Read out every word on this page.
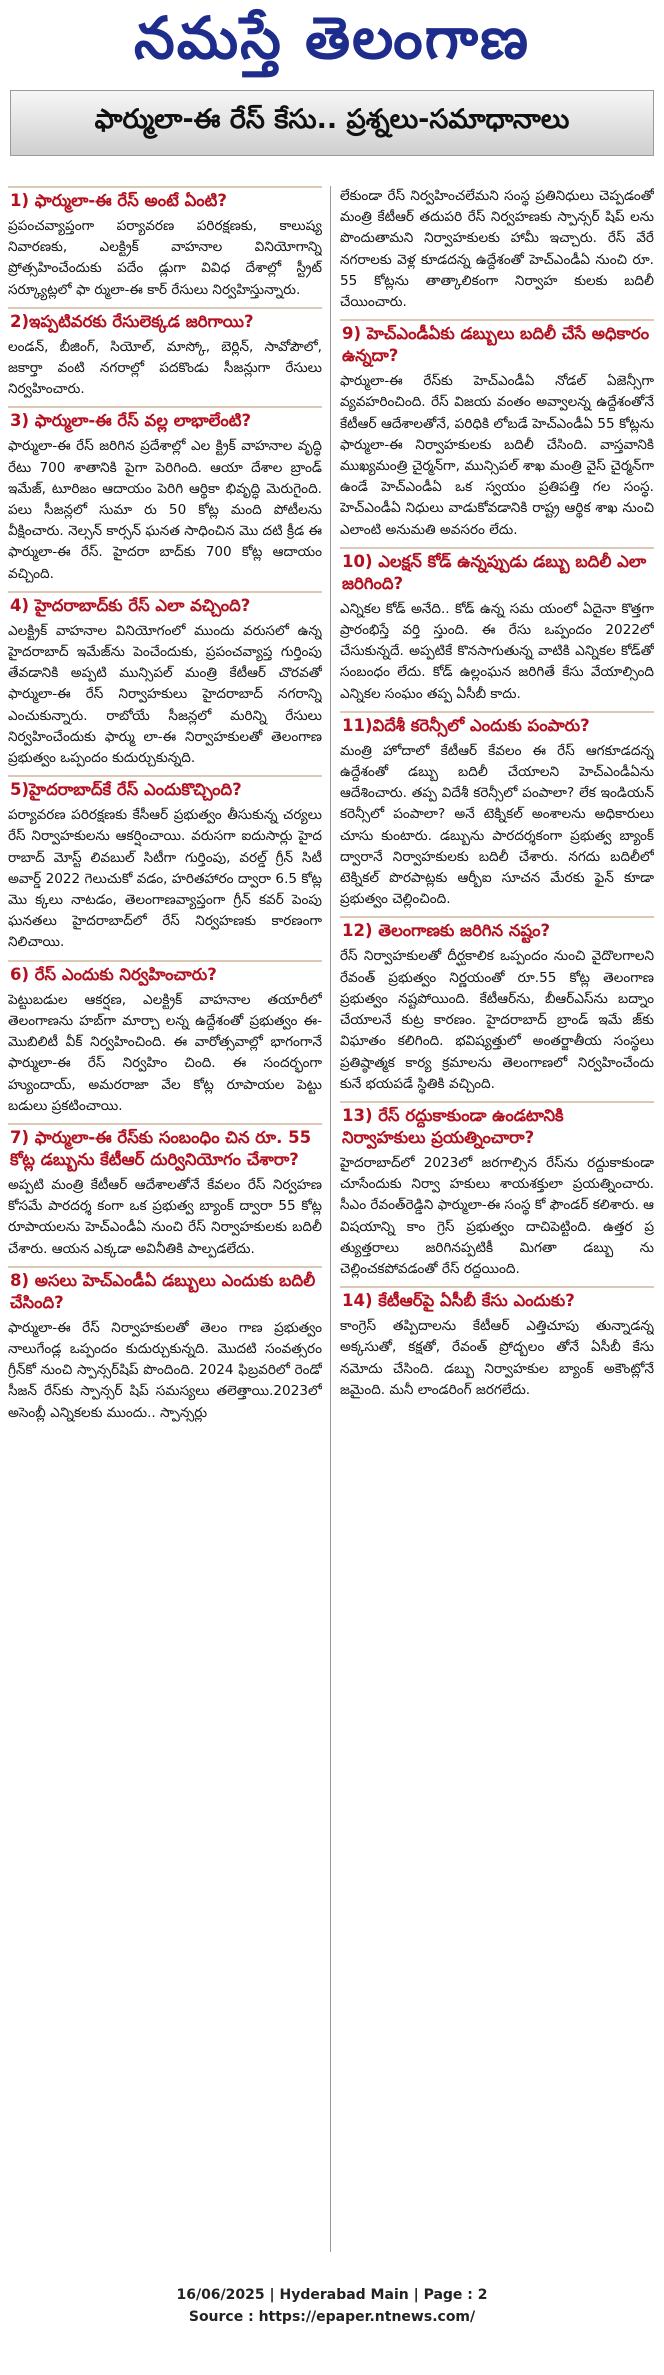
నమస్తే తెలంగాణ
ఫార్ములా-ఈ రేస్ కేసు.. ప్రశ్నలు-సమాధానాలు
1) ఫార్ములా-ఈ రేస్ అంటే ఏంటి?

ప్రపంచవ్యాప్తంగా పర్యావరణ పరిరక్షణకు, కాలుష్య నివారణకు, ఎలక్ట్రిక్ వాహనాల వినియోగాన్ని ప్రోత్సహించేందుకు పదేం డ్లుగా వివిధ దేశాల్లో స్ట్రీట్ సర్క్యూట్లలో ఫా ర్ములా-ఈ కార్ రేసులు నిర్వహిస్తున్నారు.

2)ఇప్పటివరకు రేసులెక్కడ జరిగాయి?

లండన్, బీజింగ్, సియోల్, మాస్కో, బెర్లిన్, సావోపౌలో, జకార్తా వంటి నగరాల్లో పదకొండు సీజన్లుగా రేసులు నిర్వహించారు.

3) ఫార్ములా-ఈ రేస్ వల్ల లాభాలేంటి?

ఫార్ములా-ఈ రేస్ జరిగిన ప్రదేశాల్లో ఎల క్ట్రిక్ వాహనాల వృద్ధి రేటు 700 శాతానికి పైగా పెరిగింది. ఆయా దేశాల బ్రాండ్ ఇమేజ్, టూరిజం ఆదాయం పెరిగి ఆర్థికా భివృద్ధి మెరుగైంది. పలు సీజన్లలో సుమా రు 50 కోట్ల మంది పోటీలను వీక్షించారు. నెల్సన్ కార్సన్ ఘనత సాధించిన మొ దటి క్రీడ ఈ ఫార్ములా-ఈ రేస్. హైదరా బాద్‌కు 700 కోట్ల ఆదాయం వచ్చింది.

4) హైదరాబాద్‌కు రేస్ ఎలా వచ్చింది?

ఎలక్ట్రిక్ వాహనాల వినియోగంలో ముందు వరుసలో ఉన్న హైదరాబాద్ ఇమేజ్‌ను పెంచేందుకు, ప్రపంచవ్యాప్త గుర్తింపు తేవడానికి అప్పటి మున్సిపల్ మంత్రి కేటీఆర్ చొరవతో ఫార్ములా-ఈ రేస్ నిర్వాహకులు హైదరాబాద్ నగరాన్ని ఎంచుకున్నారు. రాబోయే సీజన్లలో మరిన్ని రేసులు నిర్వహించేందుకు ఫార్ము లా-ఈ నిర్వాహకులతో తెలంగాణ ప్రభుత్వం ఒప్పందం కుదుర్చుకున్నది.

5)హైదరాబాద్‌కే రేస్ ఎందుకొచ్చింది?

పర్యావరణ పరిరక్షణకు కేసీఆర్ ప్రభుత్వం తీసుకున్న చర్యలు రేస్ నిర్వాహకులను ఆకర్షించాయి. వరుసగా ఐదుసార్లు హైద రాబాద్ మోస్ట్ లివబుల్ సిటీగా గుర్తింపు, వరల్డ్ గ్రీన్ సిటీ అవార్డ్ 2022 గెలుచుకో వడం, హరితహారం ద్వారా 6.5 కోట్ల మొ క్కలు నాటడం, తెలంగాణవ్యాప్తంగా గ్రీన్ కవర్ పెంపు ఘనతలు హైదరాబాద్‌లో రేస్ నిర్వహణకు కారణంగా నిలిచాయి.

6) రేస్ ఎందుకు నిర్వహించారు?

పెట్టుబడుల ఆకర్షణ, ఎలక్ట్రిక్ వాహనాల తయారీలో తెలంగాణను హబ్‌గా మార్చా లన్న ఉద్దేశంతో ప్రభుత్వం ఈ-మొబిలిటీ వీక్ నిర్వహించింది. ఈ వారోత్సవాల్లో భాగంగానే ఫార్ములా-ఈ రేస్ నిర్వహిం చింది. ఈ సందర్భంగా హ్యుందాయ్, అమరరాజా వేల కోట్ల రూపాయల పెట్టు బడులు ప్రకటించాయి.

7) ఫార్ములా-ఈ రేస్‌కు సంబంధిం చిన రూ. 55 కోట్ల డబ్బును కేటీఆర్ దుర్వినియోగం చేశారా?

అప్పటి మంత్రి కేటీఆర్ ఆదేశాలతోనే కేవలం రేస్ నిర్వహణ కోసమే పారదర్శ కంగా ఒక ప్రభుత్వ బ్యాంక్ ద్వారా 55 కోట్ల రూపాయలను హెచ్ఎండీఏ నుంచి రేస్ నిర్వాహకులకు బదిలీ చేశారు. ఆయన ఎక్కడా అవినీతికి పాల్పడలేదు.

8) అసలు హెచ్ఎండీఏ డబ్బులు ఎందుకు బదిలీ చేసింది?

ఫార్ములా-ఈ రేస్ నిర్వాహకులతో తెలం గాణ ప్రభుత్వం నాలుగేండ్ల ఒప్పందం కుదుర్చుకున్నది. మొదటి సంవత్సరం గ్రీన్‌కో నుంచి స్పాన్సర్‌షిప్ పొందింది. 2024 ఫిబ్రవరిలో రెండో సీజన్ రేస్‌కు స్పాన్సర్ షిప్ సమస్యలు తలెత్తాయి.2023లో అసెంబ్లీ ఎన్నికలకు ముందు.. స్పాన్సర్లు

లేకుండా రేస్ నిర్వహించలేమని సంస్థ ప్రతినిధులు చెప్పడంతో మంత్రి కేటీఆర్ తదుపరి రేస్ నిర్వహణకు స్పాన్సర్ షిప్‌ లను పొందుతామని నిర్వాహకులకు హామీ ఇచ్చారు. రేస్ వేరే నగరాలకు వెళ్ల కూడదన్న ఉద్దేశంతో హెచ్ఎండీఏ నుంచి రూ. 55 కోట్లను తాత్కాలికంగా నిర్వాహ కులకు బదిలీ చేయించారు.

9) హెచ్ఎండీఏకు డబ్బులు బదిలీ చేసే అధికారం ఉన్నదా?

ఫార్ములా-ఈ రేస్‌కు హెచ్ఎండీఏ నోడల్ ఏజెన్సీగా వ్యవహరించింది. రేస్ విజయ వంతం అవ్వాలన్న ఉద్దేశంతోనే కేటీఆర్ ఆదేశాలతోనే, పరిధికి లోబడే హెచ్ఎండీఏ 55 కోట్లను ఫార్ములా-ఈ నిర్వాహకులకు బదిలీ చేసింది. వాస్తవానికి ముఖ్యమంత్రి చైర్మన్‌గా, మున్సిపల్ శాఖ మంత్రి వైస్ చైర్మన్‌గా ఉండే హెచ్ఎండీఏ ఒక స్వయం ప్రతిపత్తి గల సంస్థ. హెచ్ఎండీఏ నిధులు వాడుకోవడానికి రాష్ట్ర ఆర్థిక శాఖ నుంచి ఎలాంటి అనుమతి అవసరం లేదు.

10) ఎలక్షన్ కోడ్ ఉన్నప్పుడు డబ్బు బదిలీ ఎలా జరిగింది?

ఎన్నికల కోడ్ అనేది.. కోడ్ ఉన్న సమ యంలో ఏదైనా కొత్తగా ప్రారంభిస్తే వర్తి స్తుంది. ఈ రేసు ఒప్పందం 2022లో చేసుకున్నదే. అప్పటికే కొనసాగుతున్న వాటికి ఎన్నికల కోడ్‌తో సంబంధం లేదు. కోడ్ ఉల్లంఘన జరిగితే కేసు వేయాల్సింది ఎన్నికల సంఘం తప్ప ఏసీబీ కాదు.

11)విదేశీ కరెన్సీలో ఎందుకు పంపారు?

మంత్రి హోదాలో కేటీఆర్ కేవలం ఈ రేస్ ఆగకూడదన్న ఉద్దేశంతో డబ్బు బదిలీ చేయాలని హెచ్ఎండీఏను ఆదేశించారు. తప్ప విదేశీ కరెన్సీలో పంపాలా? లేక ఇండియన్ కరెన్సీలో పంపాలా? అనే టెక్నికల్ అంశాలను అధికారులు చూసు కుంటారు. డబ్బును పారదర్శకంగా ప్రభుత్వ బ్యాంక్ ద్వారానే నిర్వాహకులకు బదిలీ చేశారు. నగదు బదిలీలో టెక్నికల్ పొరపాట్లకు ఆర్బీఐ సూచన మేరకు ఫైన్ కూడా ప్రభుత్వం చెల్లించింది.

12) తెలంగాణకు జరిగిన నష్టం?

రేస్ నిర్వాహకులతో దీర్ఘకాలిక ఒప్పందం నుంచి వైదొలగాలని రేవంత్ ప్రభుత్వం నిర్ణయంతో రూ.55 కోట్ల తెలంగాణ ప్రభుత్వం నష్టపోయింది. కేటీఆర్‌ను, బీఆర్ఎస్‌ను బద్నాం చేయాలనే కుట్ర కారణం. హైదరాబాద్ బ్రాండ్ ఇమే జ్‌కు విఘాతం కలిగింది. భవిష్యత్తులో అంతర్జాతీయ సంస్థలు ప్రతిష్ఠాత్మక కార్య క్రమాలను తెలంగాణలో నిర్వహించేందు కునే భయపడే స్థితికి వచ్చింది.

13) రేస్ రద్దుకాకుండా ఉండటానికి నిర్వాహకులు ప్రయత్నించారా?

హైదరాబాద్‌లో 2023లో జరగాల్సిన రేస్‌ను రద్దుకాకుండా చూసేందుకు నిర్వా హకులు శాయశక్తులా ప్రయత్నించారు. సీఎం రేవంత్‌రెడ్డిని ఫార్ములా-ఈ సంస్థ కో ఫౌండర్ కలిశారు. ఆ విషయాన్ని కాం గ్రెస్ ప్రభుత్వం దాచిపెట్టింది. ఉత్తర ప్ర త్యుత్తరాలు జరిగినప్పటికీ మిగతా డబ్బు ను చెల్లించకపోవడంతో రేస్ రద్దయింది.

14) కేటీఆర్‌పై ఏసీబీ కేసు ఎందుకు?

కాంగ్రెస్ తప్పిదాలను కేటీఆర్ ఎత్తిచూపు తున్నాడన్న అక్కసుతో, కక్షతో, రేవంత్ ప్రోద్బలం తోనే ఏసీబీ కేసు నమోదు చేసింది. డబ్బు నిర్వాహకుల బ్యాంక్ అకౌంట్లోనే జమైంది. మనీ లాండరింగ్ జరగలేదు.

16/06/2025 | Hyderabad Main | Page : 2
Source : https://epaper.ntnews.com/
